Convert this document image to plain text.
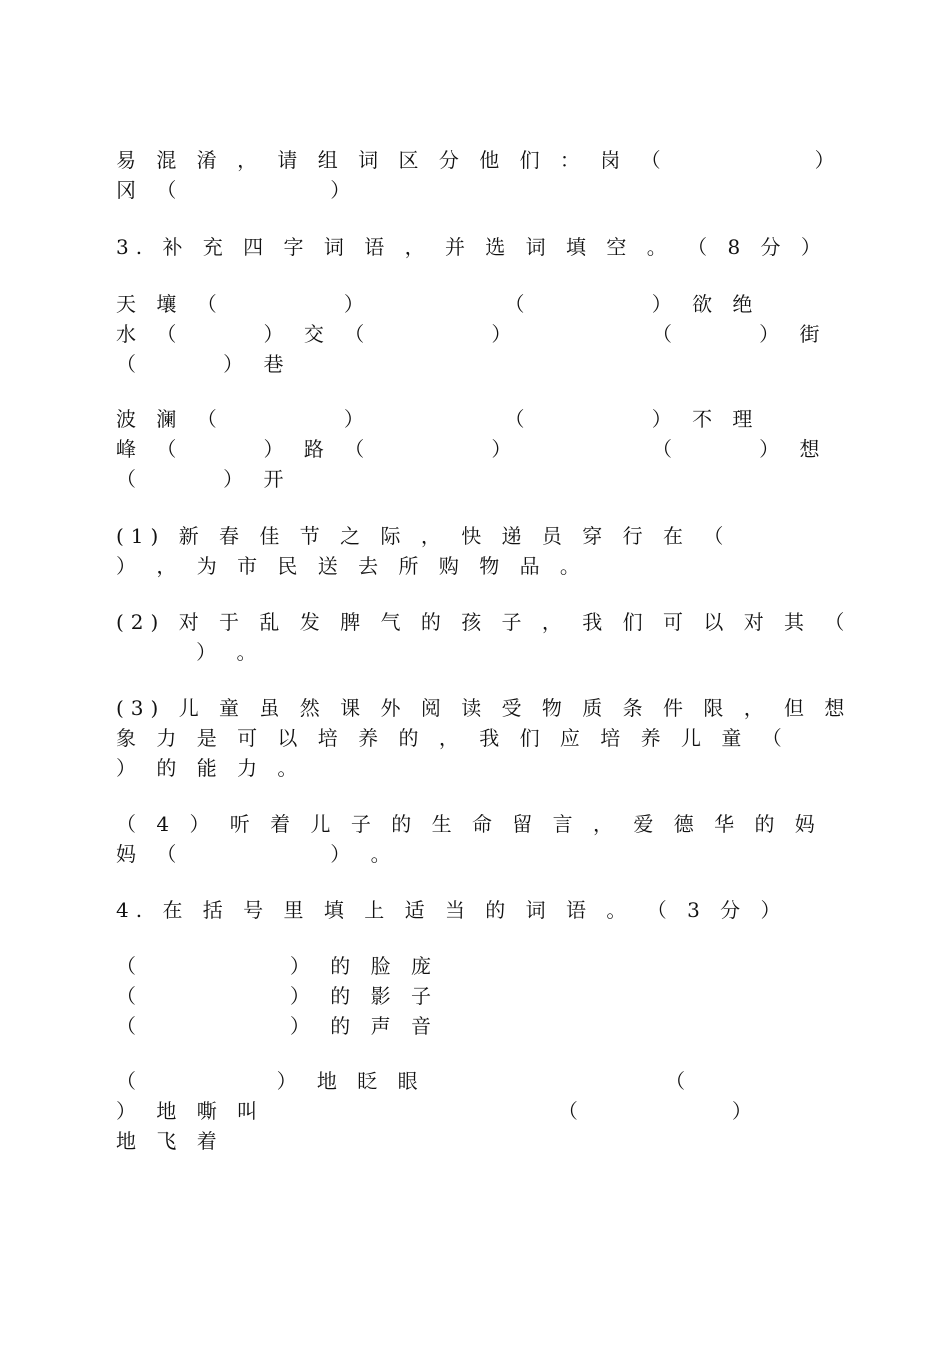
易 混 淆 ， 请 组 词 区 分 他 们 ： 岗 （           ）

冈 （           ）

3. 补 充 四 字 词 语 ， 并 选 词 填 空 。 （ 8 分 ）

天 壤 （         ）          （         ） 欲 绝

水 （      ） 交 （         ）          （      ） 街

（      ） 巷

波 澜 （         ）          （         ） 不 理

峰 （      ） 路 （         ）          （      ） 想

（      ） 开

(1) 新 春 佳 节 之 际 ， 快 递 员 穿 行 在 （

） ， 为 市 民 送 去 所 购 物 品 。

(2) 对 于 乱 发 脾 气 的 孩 子 ， 我 们 可 以 对 其 （

） 。

(3) 儿 童 虽 然 课 外 阅 读 受 物 质 条 件 限 ， 但 想

象 力 是 可 以 培 养 的 ， 我 们 应 培 养 儿 童 （

） 的 能 力 。

（ 4 ） 听 着 儿 子 的 生 命 留 言 ， 爱 德 华 的 妈

妈 （           ） 。

4. 在 括 号 里 填 上 适 当 的 词 语 。 （ 3 分 ）

（           ） 的 脸 庞

（           ） 的 影 子

（           ） 的 声 音

（          ） 地 眨 眼                  （

） 地 嘶 叫                      （           ）

地 飞 着
